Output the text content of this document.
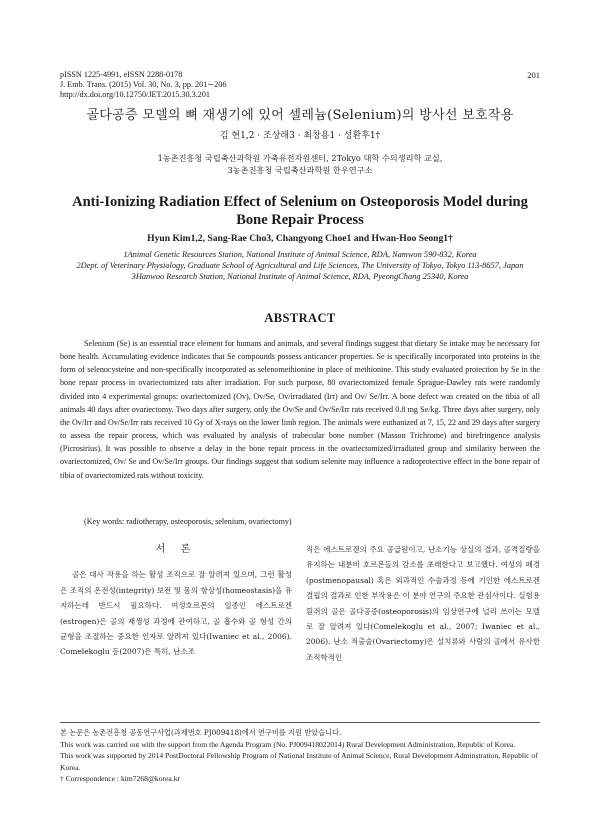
pISSN 1225-4991, eISSN 2288-0178
J. Emb. Trans. (2015) Vol. 30, No. 3, pp. 201∼206
http://dx.doi.org/10.12750/JET.2015.30.3.201
201
골다공증 모델의 뼈 재생기에 있어 셀레늄(Selenium)의 방사선 보호작용
김 현1,2 · 조상래3 · 최창용1 · 성환후1†
1농촌진흥청 국립축산과학원 가축유전자원센터, 2Tokyo 대학 수의생리학 교실,
3농촌진흥청 국립축산과학원 한우연구소
Anti-Ionizing Radiation Effect of Selenium on Osteoporosis Model during
Bone Repair Process
Hyun Kim1,2, Sang-Rae Cho3, Changyong Choe1 and Hwan-Hoo Seong1†
1Animal Genetic Resources Station, National Institute of Animal Science, RDA, Namwon 590-832, Korea
2Dept. of Veterinary Physiology, Graduate School of Agricultural and Life Sciences, The University of Tokyo, Tokyo 113-8657, Japan
3Hanwoo Research Station, National Institute of Animal Science, RDA, PyeongChang 25340, Korea
ABSTRACT
Selenium (Se) is an essential trace element for humans and animals, and several findings suggest that dietary Se intake may be necessary for bone health. Accumulating evidence indicates that Se compounds possess anticancer properties. Se is specifically incorporated into proteins in the form of selenocysteine and non-specifically incorporated as selenomethionine in place of methionine. This study evaluated protection by Se in the bone repair process in ovariectomized rats after irradiation. For such purpose, 80 ovariectomized female Sprague-Dawley rats were randomly divided into 4 experimental groups: ovariectomized (Ov), Ov/Se, Ov/irradiated (Irr) and Ov/ Se/Irr. A bone defect was created on the tibia of all animals 40 days after ovariectomy. Two days after surgery, only the Ov/Se and Ov/Se/Irr rats received 0.8 mg Se/kg. Three days after surgery, only the Ov/Irr and Ov/Se/Irr rats received 10 Gy of X-rays on the lower limb region. The animals were euthanized at 7, 15, 22 and 29 days after surgery to assess the repair process, which was evaluated by analysis of trabecular bone number (Masson Trichrome) and birefringence analysis (Picrosirius). It was possible to observe a delay in the bone repair process in the ovariectomized/irradiated group and similarity between the ovariectomized, Ov/ Se and Ov/Se/Irr groups. Our findings suggest that sodium selenite may influence a radioprotective effect in the bone repair of tibia of ovariectomized rats without toxicity.
(Key words: radiotherapy, osteoporosis, selenium, ovariectomy)
서 론

골은 대사 작용을 하는 활성 조직으로 잘 알려져 있으며, 그런 활성은 조직의 온전성(integrity) 보전 및 몸의 항상성(homeostasis)을 유지하는데 반드시 필요하다. 여성호르몬의 일종인 에스트로겐(estrogen)은 골의 재생성 과정에 관여하고, 골 흡수와 골 형성 간의 균형을 조절하는 중요한 인자로 알려져 있다(Iwaniec et al., 2006). Comelekoglu 등(2007)은 특히, 난소조

직은 에스트로겐의 주요 공급원이고, 난소기능 상실의 결과, 골격질량을 유지하는 내분비 호르몬들의 감소를 초래한다고 보고했다. 여성의 폐경(postmenopausal) 혹은 외과적인 수술과정 등에 기인한 에스트로겐 결핍의 결과로 인한 부작용은 이 분야 연구의 주요한 관심사이다. 실험용 흰쥐의 골은 골다공증(osteoporosis)의 임상연구에 널리 쓰이는 모델로 잘 알려져 있다(Comelekoglu et al., 2007; Iwaniec et al., 2006). 난소 적출술(Ovariectomy)은 설치류와 사람의 골에서 유사한 조직학적인

본 논문은 농촌진흥청 공동연구사업(과제번호 PJ009418)에서 연구비를 지원 받았습니다.

This work was carried out with the support from the Agenda Program (No. PJ009418022014) Rural Development Administration, Republic of Korea.

This work was supported by 2014 PostDoctoral Fellowship Program of National Institute of Animal Science, Rural Development Adminstration, Republic of Korea.

† Correspondence : kim7268@korea.kr
